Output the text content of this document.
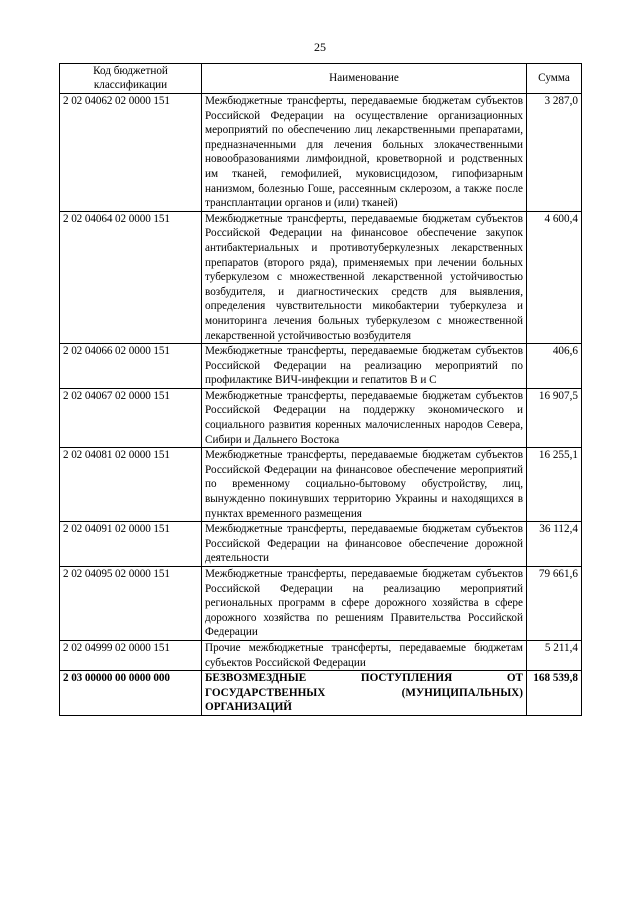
25
Код бюджетной классификации	Наименование	Сумма
2 02 04062 02 0000 151	Межбюджетные трансферты, передаваемые бюджетам субъектов Российской Федерации на осуществление организационных мероприятий по обеспечению лиц лекарственными препаратами, предназначенными для лечения больных злокачественными новообразованиями лимфоидной, кроветворной и родственных им тканей, гемофилией, муковисцидозом, гипофизарным нанизмом, болезнью Гоше, рассеянным склерозом, а также после трансплантации органов и (или) тканей)	3 287,0
2 02 04064 02 0000 151	Межбюджетные трансферты, передаваемые бюджетам субъектов Российской Федерации на финансовое обеспечение закупок антибактериальных и противотуберкулезных лекарственных препаратов (второго ряда), применяемых при лечении больных туберкулезом с множественной лекарственной устойчивостью возбудителя, и диагностических средств для выявления, определения чувствительности микобактерии туберкулеза и мониторинга лечения больных туберкулезом с множественной лекарственной устойчивостью возбудителя	4 600,4
2 02 04066 02 0000 151	Межбюджетные трансферты, передаваемые бюджетам субъектов Российской Федерации на реализацию мероприятий по профилактике ВИЧ-инфекции и гепатитов В и С	406,6
2 02 04067 02 0000 151	Межбюджетные трансферты, передаваемые бюджетам субъектов Российской Федерации на поддержку экономического и социального развития коренных малочисленных народов Севера, Сибири и Дальнего Востока	16 907,5
2 02 04081 02 0000 151	Межбюджетные трансферты, передаваемые бюджетам субъектов Российской Федерации на финансовое обеспечение мероприятий по временному социально-бытовому обустройству, лиц, вынужденно покинувших территорию Украины и находящихся в пунктах временного размещения	16 255,1
2 02 04091 02 0000 151	Межбюджетные трансферты, передаваемые бюджетам субъектов Российской Федерации на финансовое обеспечение дорожной деятельности	36 112,4
2 02 04095 02 0000 151	Межбюджетные трансферты, передаваемые бюджетам субъектов Российской Федерации на реализацию мероприятий региональных программ в сфере дорожного хозяйства в сфере дорожного хозяйства по решениям Правительства Российской Федерации	79 661,6
2 02 04999 02 0000 151	Прочие межбюджетные трансферты, передаваемые бюджетам субъектов Российской Федерации	5 211,4
2 03 00000 00 0000 000	БЕЗВОЗМЕЗДНЫЕ ПОСТУПЛЕНИЯ ОТ ГОСУДАРСТВЕННЫХ (МУНИЦИПАЛЬНЫХ) ОРГАНИЗАЦИЙ	168 539,8
